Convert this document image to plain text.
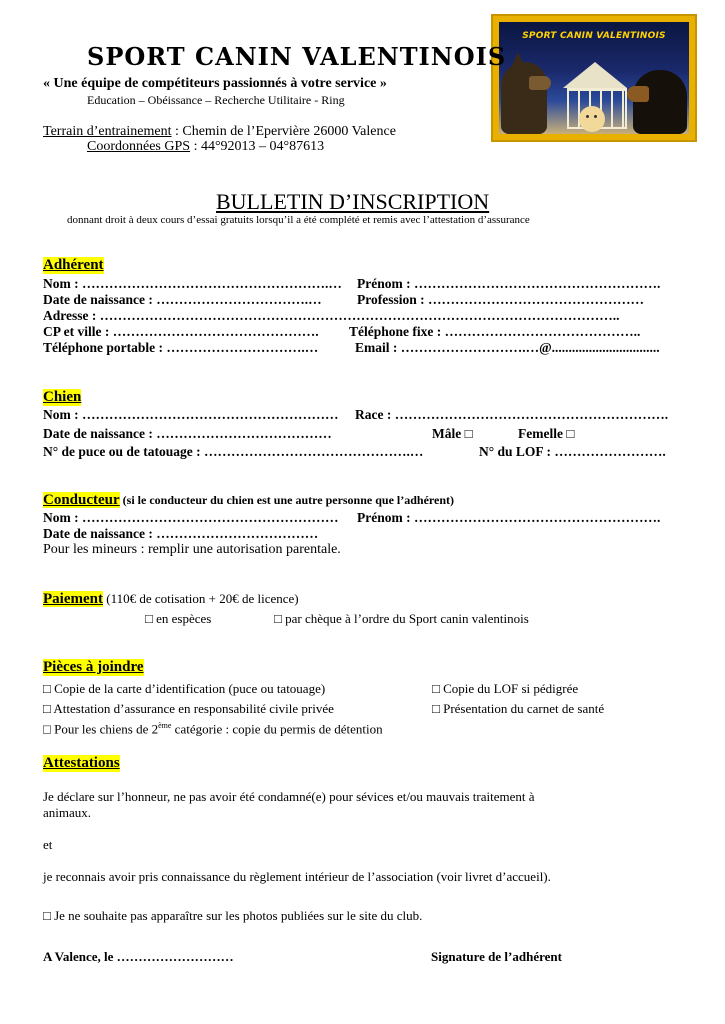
SPORT CANIN VALENTINOIS
SPORT CANIN VALENTINOIS
« Une équipe de compétiteurs passionnés à votre service »
Education – Obéissance – Recherche Utilitaire - Ring
Terrain d’entrainement : Chemin de l’Epervière 26000 Valence
Coordonnées GPS : 44°92013 – 04°87613
BULLETIN D’INSCRIPTION
donnant droit à deux cours d’essai gratuits lorsqu’il a été complété et remis avec l’attestation d’assurance
Adhérent
Nom : ……………………………………………….… Prénom : ……………………………………………….
Date de naissance : …………………………….…	Profession : …………………………………………
Adresse : ……………………………………………………………………………………………………..
CP et ville : ………………………………………. Téléphone fixe : ……………………………………..
Téléphone portable : ………………………….…	Email : ……………………….…@................................
Chien
Nom : ………………………………………………… Race : …………………………………………………….
Date de naissance : …………………………………	Mâle □	Femelle □
N° de puce ou de tatouage : ……………………………………….…	N° du LOF : …………………….
Conducteur (si le conducteur du chien est une autre personne que l’adhérent)
Nom : ………………………………………………… Prénom : ……………………………………………….
Date de naissance : ………………………………
Pour les mineurs : remplir une autorisation parentale.
Paiement (110€ de cotisation + 20€ de licence)
□ en espèces	□ par chèque à l’ordre du Sport canin valentinois
Pièces à joindre
□ Copie de la carte d’identification (puce ou tatouage)	□ Copie du LOF si pédigrée
□ Attestation d’assurance en responsabilité civile privée	□ Présentation du carnet de santé
□ Pour les chiens de 2ème catégorie : copie du permis de détention
Attestations
Je déclare sur l’honneur, ne pas avoir été condamné(e) pour sévices et/ou mauvais traitement à
animaux.
et
je reconnais avoir pris connaissance du règlement intérieur de l’association (voir livret d’accueil).
□ Je ne souhaite pas apparaître sur les photos publiées sur le site du club.
A Valence, le ………………………	Signature de l’adhérent
